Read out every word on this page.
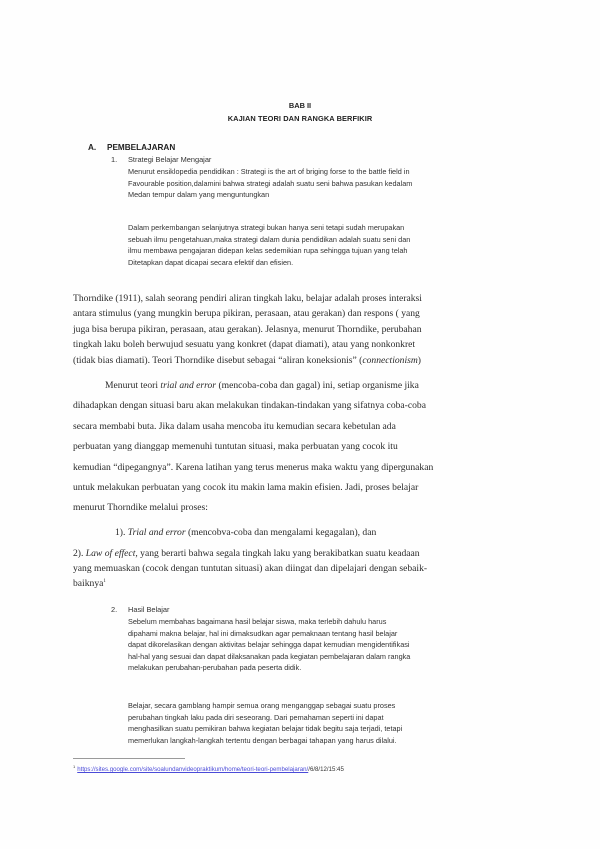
BAB II
KAJIAN TEORI DAN RANGKA BERFIKIR
A. PEMBELAJARAN
1. Strategi Belajar Mengajar

Menurut ensiklopedia pendidikan : Strategi is the art of briging forse to the battle field in

Favourable position,dalamini bahwa strategi adalah suatu seni bahwa pasukan kedalam

Medan tempur dalam yang menguntungkan

Dalam perkembangan selanjutnya strategi bukan hanya seni tetapi sudah merupakan

sebuah ilmu pengetahuan,maka strategi dalam dunia pendidikan adalah suatu seni dan

ilmu membawa pengajaran didepan kelas sedemikian rupa sehingga tujuan yang telah

Ditetapkan dapat dicapai secara efektif dan efisien.

Thorndike (1911), salah seorang pendiri aliran tingkah laku, belajar adalah proses interaksi

antara stimulus (yang mungkin berupa pikiran, perasaan, atau gerakan) dan respons ( yang

juga bisa berupa pikiran, perasaan, atau gerakan). Jelasnya, menurut Thorndike, perubahan

tingkah laku boleh berwujud sesuatu yang konkret (dapat diamati), atau yang nonkonkret

(tidak bias diamati). Teori Thorndike disebut sebagai “aliran koneksionis” (connectionism)

Menurut teori trial and error (mencoba-coba dan gagal) ini, setiap organisme jika

dihadapkan dengan situasi baru akan melakukan tindakan-tindakan yang sifatnya coba-coba

secara membabi buta. Jika dalam usaha mencoba itu kemudian secara kebetulan ada

perbuatan yang dianggap memenuhi tuntutan situasi, maka perbuatan yang cocok itu

kemudian “dipegangnya”. Karena latihan yang terus menerus maka waktu yang dipergunakan

untuk melakukan perbuatan yang cocok itu makin lama makin efisien. Jadi, proses belajar

menurut Thorndike melalui proses:

1). Trial and error (mencobva-coba dan mengalami kegagalan), dan

2). Law of effect, yang berarti bahwa segala tingkah laku yang berakibatkan suatu keadaan

yang memuaskan (cocok dengan tuntutan situasi) akan diingat dan dipelajari dengan sebaik-

baiknya$^1$

2. Hasil Belajar

Sebelum membahas bagaimana hasil belajar siswa, maka terlebih dahulu harus

dipahami makna belajar, hal ini dimaksudkan agar pemaknaan tentang hasil belajar

dapat dikorelasikan dengan aktivitas belajar sehingga dapat kemudian mengidentifikasi

hal-hal yang sesuai dan dapat dilaksanakan pada kegiatan pembelajaran dalam rangka

melakukan perubahan-perubahan pada peserta didik.

Belajar, secara gamblang hampir semua orang menganggap sebagai suatu proses

perubahan tingkah laku pada diri seseorang. Dari pemahaman seperti ini dapat

menghasilkan suatu pemikiran bahwa kegiatan belajar tidak begitu saja terjadi, tetapi

memerlukan langkah-langkah tertentu dengan berbagai tahapan yang harus dilalui.

$^1$ https://sites.google.com/site/soalundanvideopraktikum/home/teori-teori-pembelajaran//6/8/12/15:45
